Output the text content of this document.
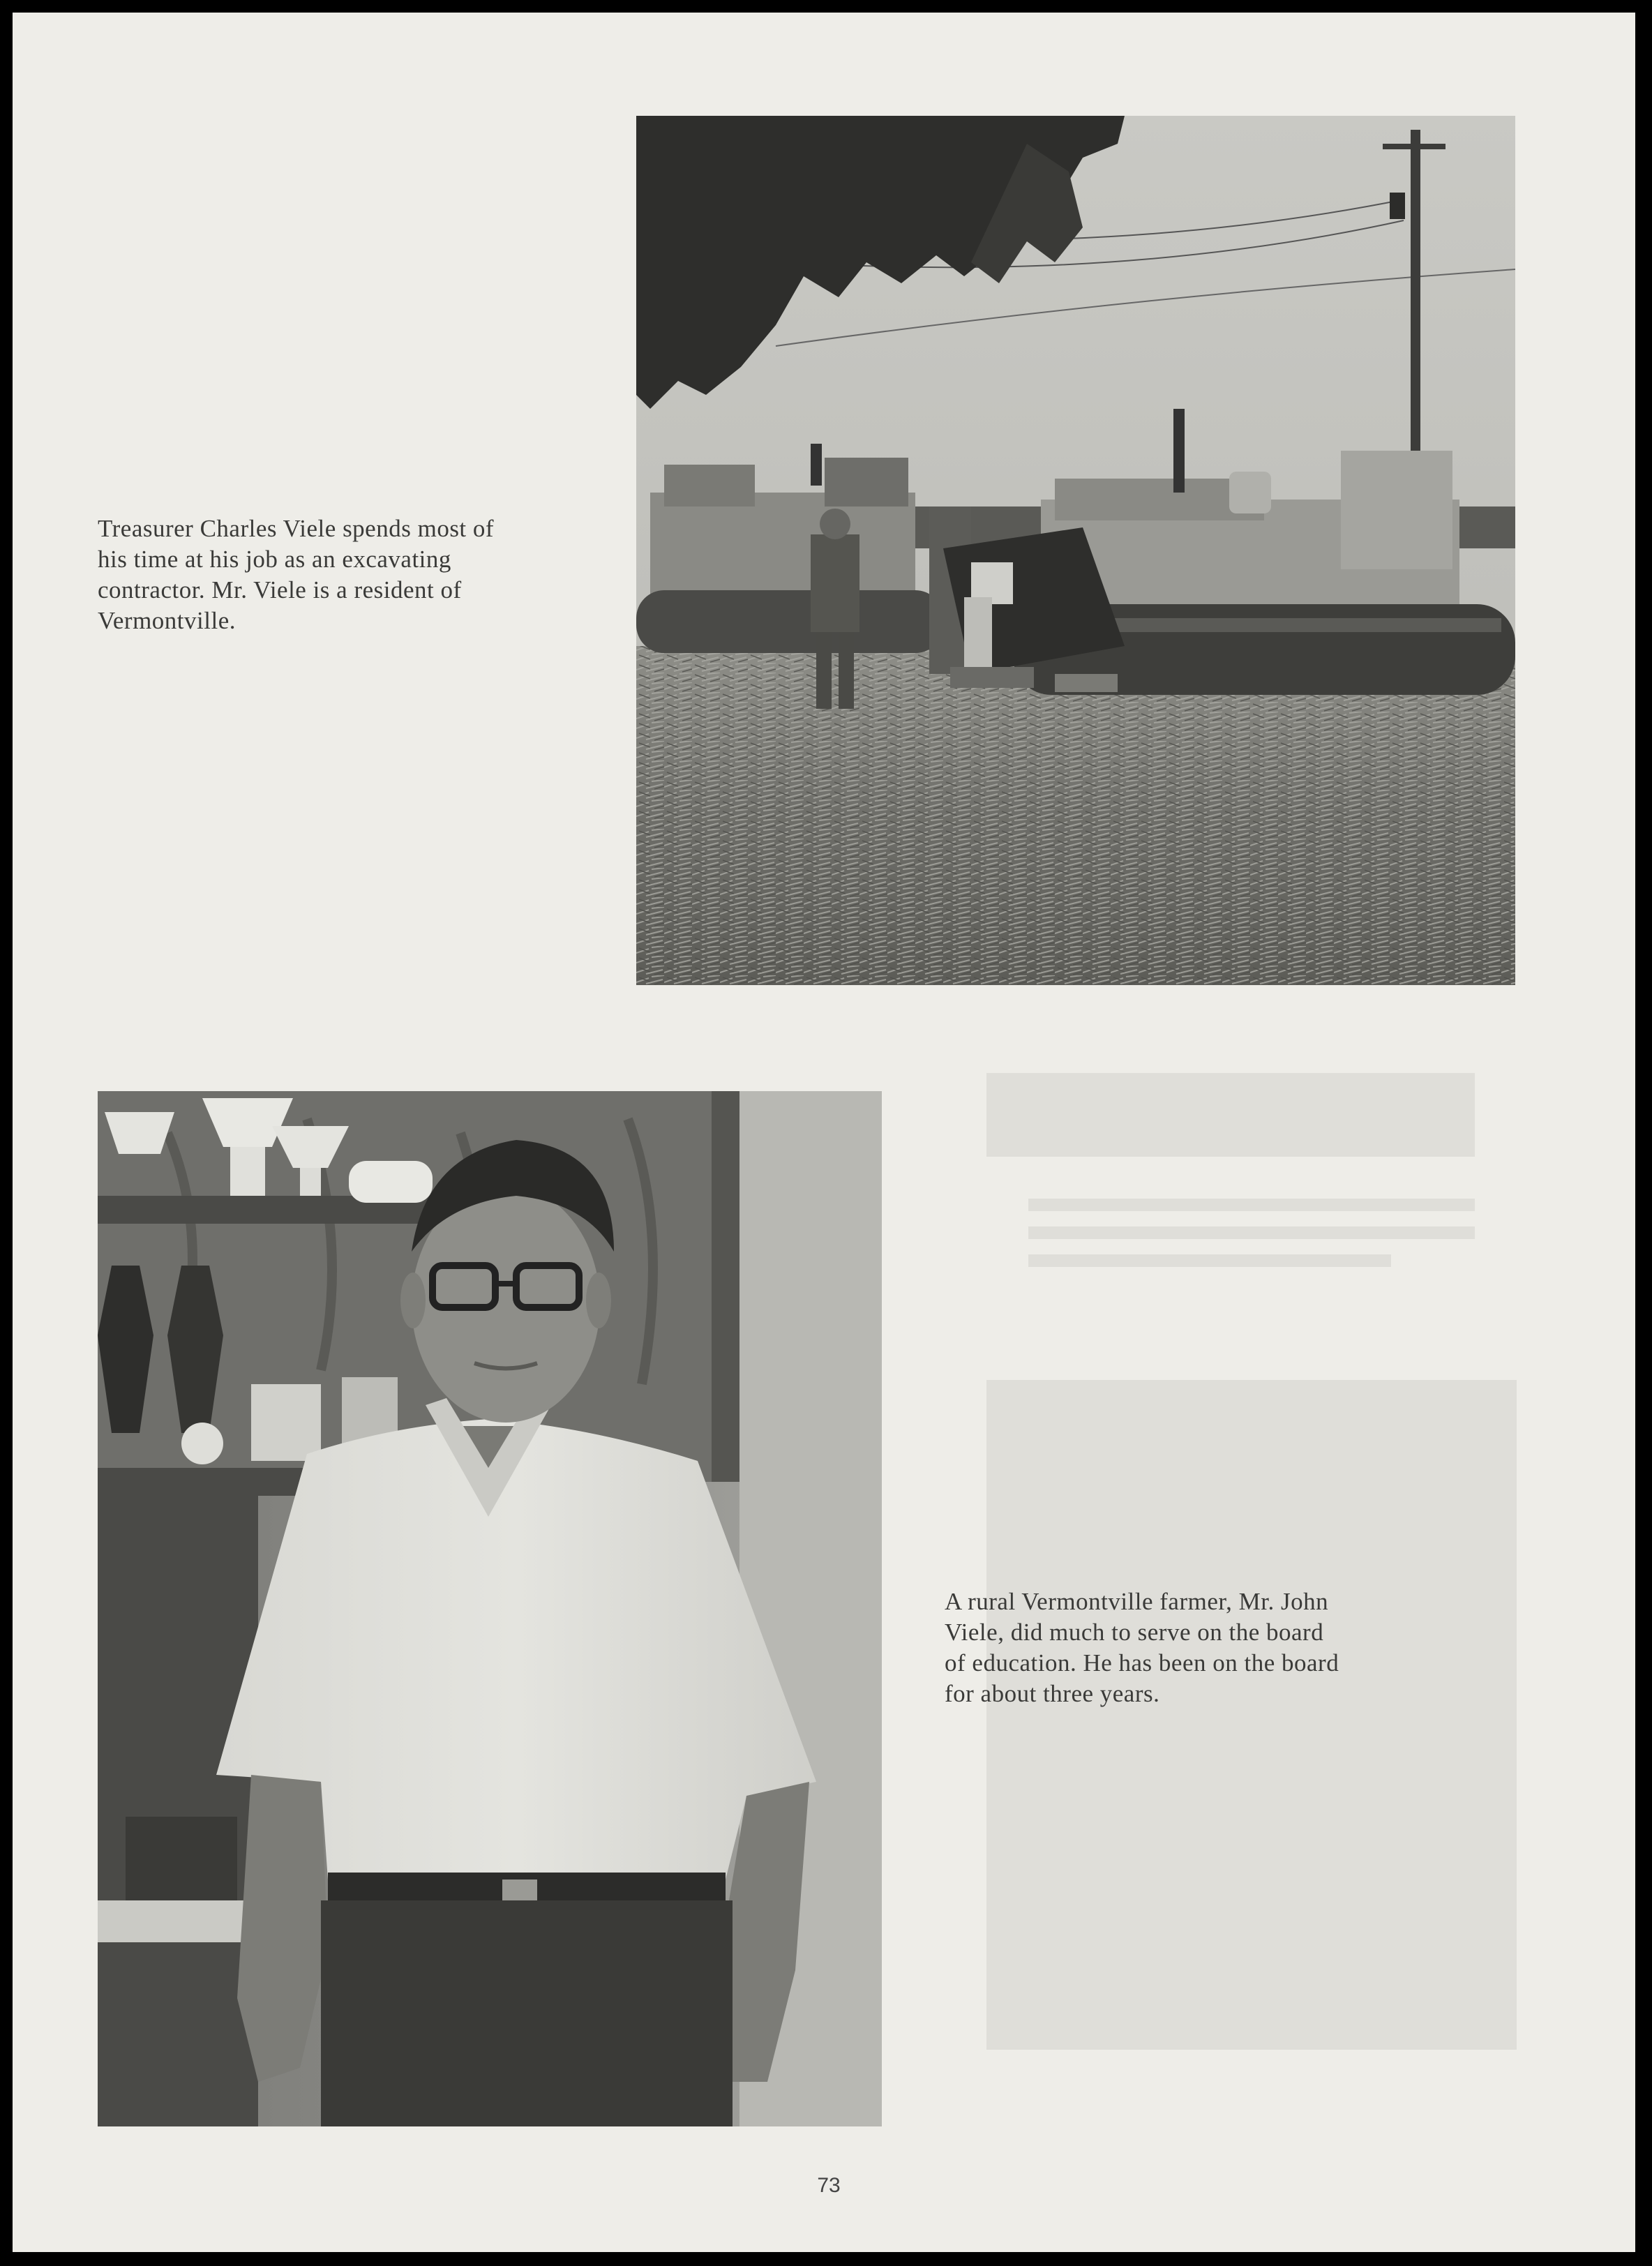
Treasurer Charles Viele spends most of
his time at his job as an excavating
contractor. Mr. Viele is a resident of
Vermontville.
A rural Vermontville farmer, Mr. John
Viele, did much to serve on the board
of education. He has been on the board
for about three years.
73
